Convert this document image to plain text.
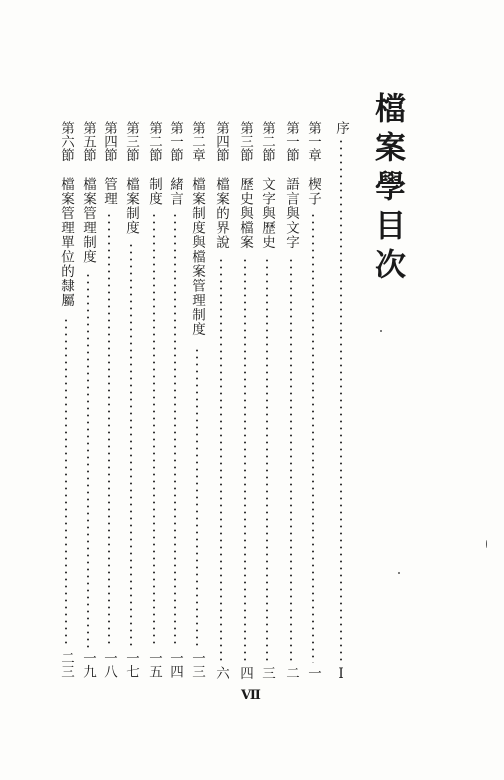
檔案學目次
序
Ⅰ
第一章
楔子
一
第一節
語言與文字
二
第二節
文字與歷史
三
第三節
歷史與檔案
四
第四節
檔案的界說
六
第二章
檔案制度與檔案管理制度
一三
第一節
緒言
一四
第二節
制度
一五
第三節
檔案制度
一七
第四節
管理
一八
第五節
檔案管理制度
一九
第六節
檔案管理單位的隸屬
二三
Ⅶ
